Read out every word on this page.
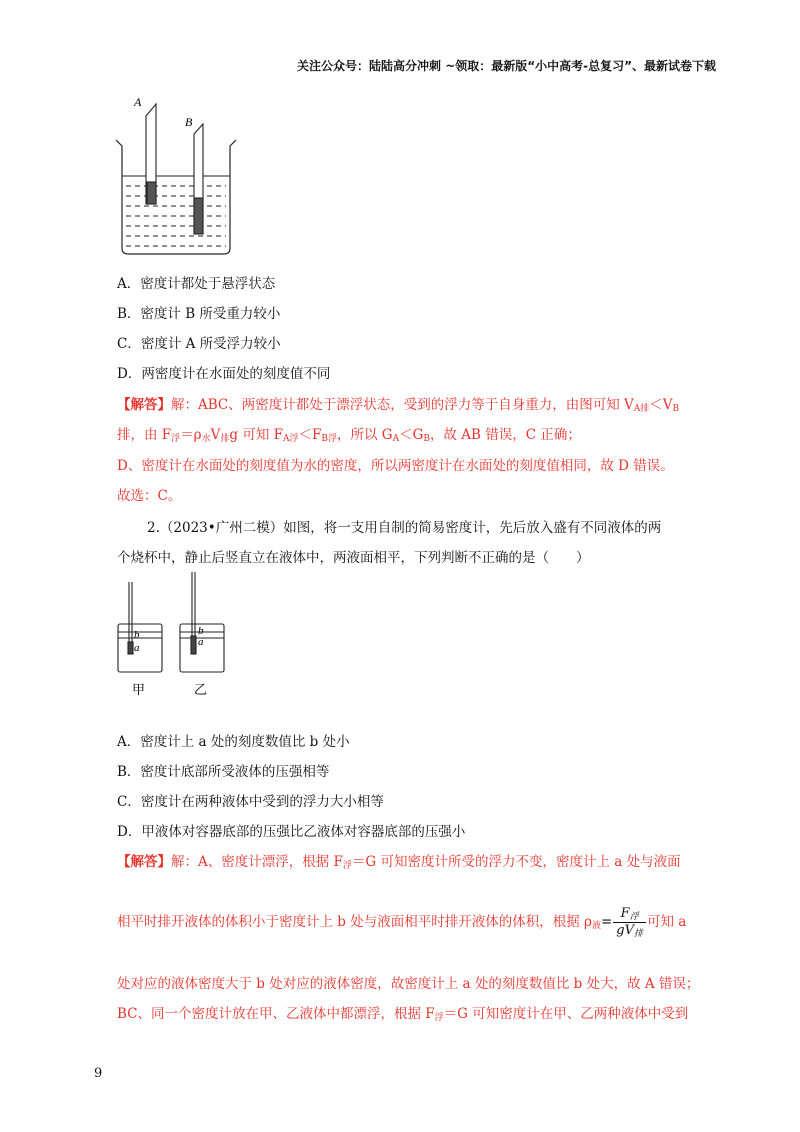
关注公众号：陆陆高分冲刺 ~领取：最新版“小中高考-总复习”、最新试卷下载
A
B
A．密度计都处于悬浮状态
B．密度计 B 所受重力较小
C．密度计 A 所受浮力较小
D．两密度计在水面处的刻度值不同
【解答】解：ABC、两密度计都处于漂浮状态，受到的浮力等于自身重力，由图可知 $V_{A排}<V_B$
排，由 $F_浮=\rho_水V_排g$ 可知 $F_{A浮}<F_{B浮}$，所以 $G_A<G_B$，故 AB 错误，C 正确；
D、密度计在水面处的刻度值为水的密度，所以两密度计在水面处的刻度值相同，故 D 错误。
故选：C。
2.（2023•广州二模）如图，将一支用自制的简易密度计，先后放入盛有不同液体的两
个烧杯中，静止后竖直立在液体中，两液面相平，下列判断不正确的是（　　）
b
a
b
a
甲	乙
A．密度计上 a 处的刻度数值比 b 处小
B．密度计底部所受液体的压强相等
C．密度计在两种液体中受到的浮力大小相等
D．甲液体对容器底部的压强比乙液体对容器底部的压强小
【解答】解：A、密度计漂浮，根据 $F_浮=G$ 可知密度计所受的浮力不变，密度计上 a 处与液面
相平时排开液体的体积小于密度计上 b 处与液面相平时排开液体的体积，根据 $\rho_液= \frac{F_浮}{gV_排}$ 可知 a
处对应的液体密度大于 b 处对应的液体密度，故密度计上 a 处的刻度数值比 b 处大，故 A 错误；
BC、同一个密度计放在甲、乙液体中都漂浮，根据 $F_浮=G$ 可知密度计在甲、乙两种液体中受到
9
